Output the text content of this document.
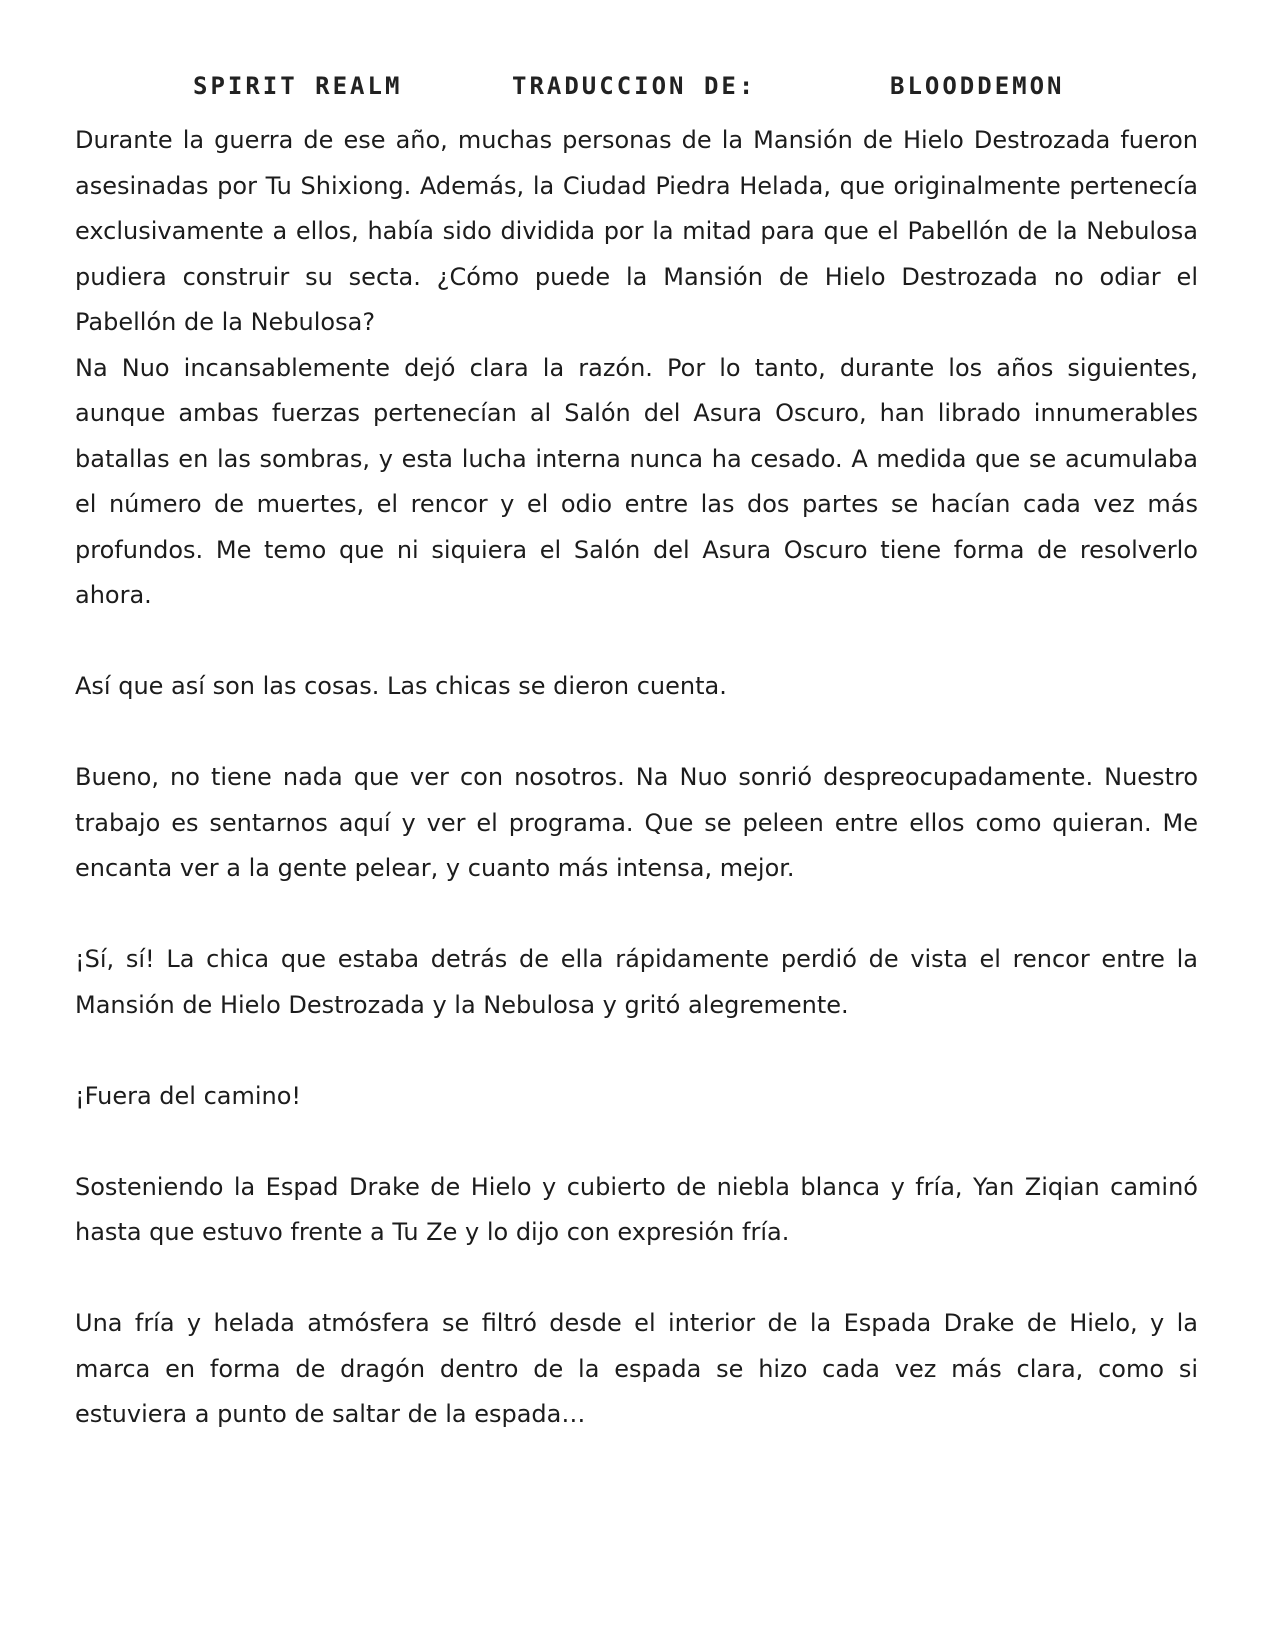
SPIRIT REALM	TRADUCCION DE:	BLOODDEMON

Durante la guerra de ese año, muchas personas de la Mansión de Hielo Destrozada fueron asesinadas por Tu Shixiong. Además, la Ciudad Piedra Helada, que originalmente pertenecía exclusivamente a ellos, había sido dividida por la mitad para que el Pabellón de la Nebulosa pudiera construir su secta. ¿Cómo puede la Mansión de Hielo Destrozada no odiar el Pabellón de la Nebulosa?

Na Nuo incansablemente dejó clara la razón. Por lo tanto, durante los años siguientes, aunque ambas fuerzas pertenecían al Salón del Asura Oscuro, han librado innumerables batallas en las sombras, y esta lucha interna nunca ha cesado. A medida que se acumulaba el número de muertes, el rencor y el odio entre las dos partes se hacían cada vez más profundos. Me temo que ni siquiera el Salón del Asura Oscuro tiene forma de resolverlo ahora.

Así que así son las cosas. Las chicas se dieron cuenta.

Bueno, no tiene nada que ver con nosotros. Na Nuo sonrió despreocupadamente. Nuestro trabajo es sentarnos aquí y ver el programa. Que se peleen entre ellos como quieran. Me encanta ver a la gente pelear, y cuanto más intensa, mejor.

¡Sí, sí! La chica que estaba detrás de ella rápidamente perdió de vista el rencor entre la Mansión de Hielo Destrozada y la Nebulosa y gritó alegremente.

¡Fuera del camino!

Sosteniendo la Espad Drake de Hielo y cubierto de niebla blanca y fría, Yan Ziqian caminó hasta que estuvo frente a Tu Ze y lo dijo con expresión fría.

Una fría y helada atmósfera se filtró desde el interior de la Espada Drake de Hielo, y la marca en forma de dragón dentro de la espada se hizo cada vez más clara, como si estuviera a punto de saltar de la espada…
